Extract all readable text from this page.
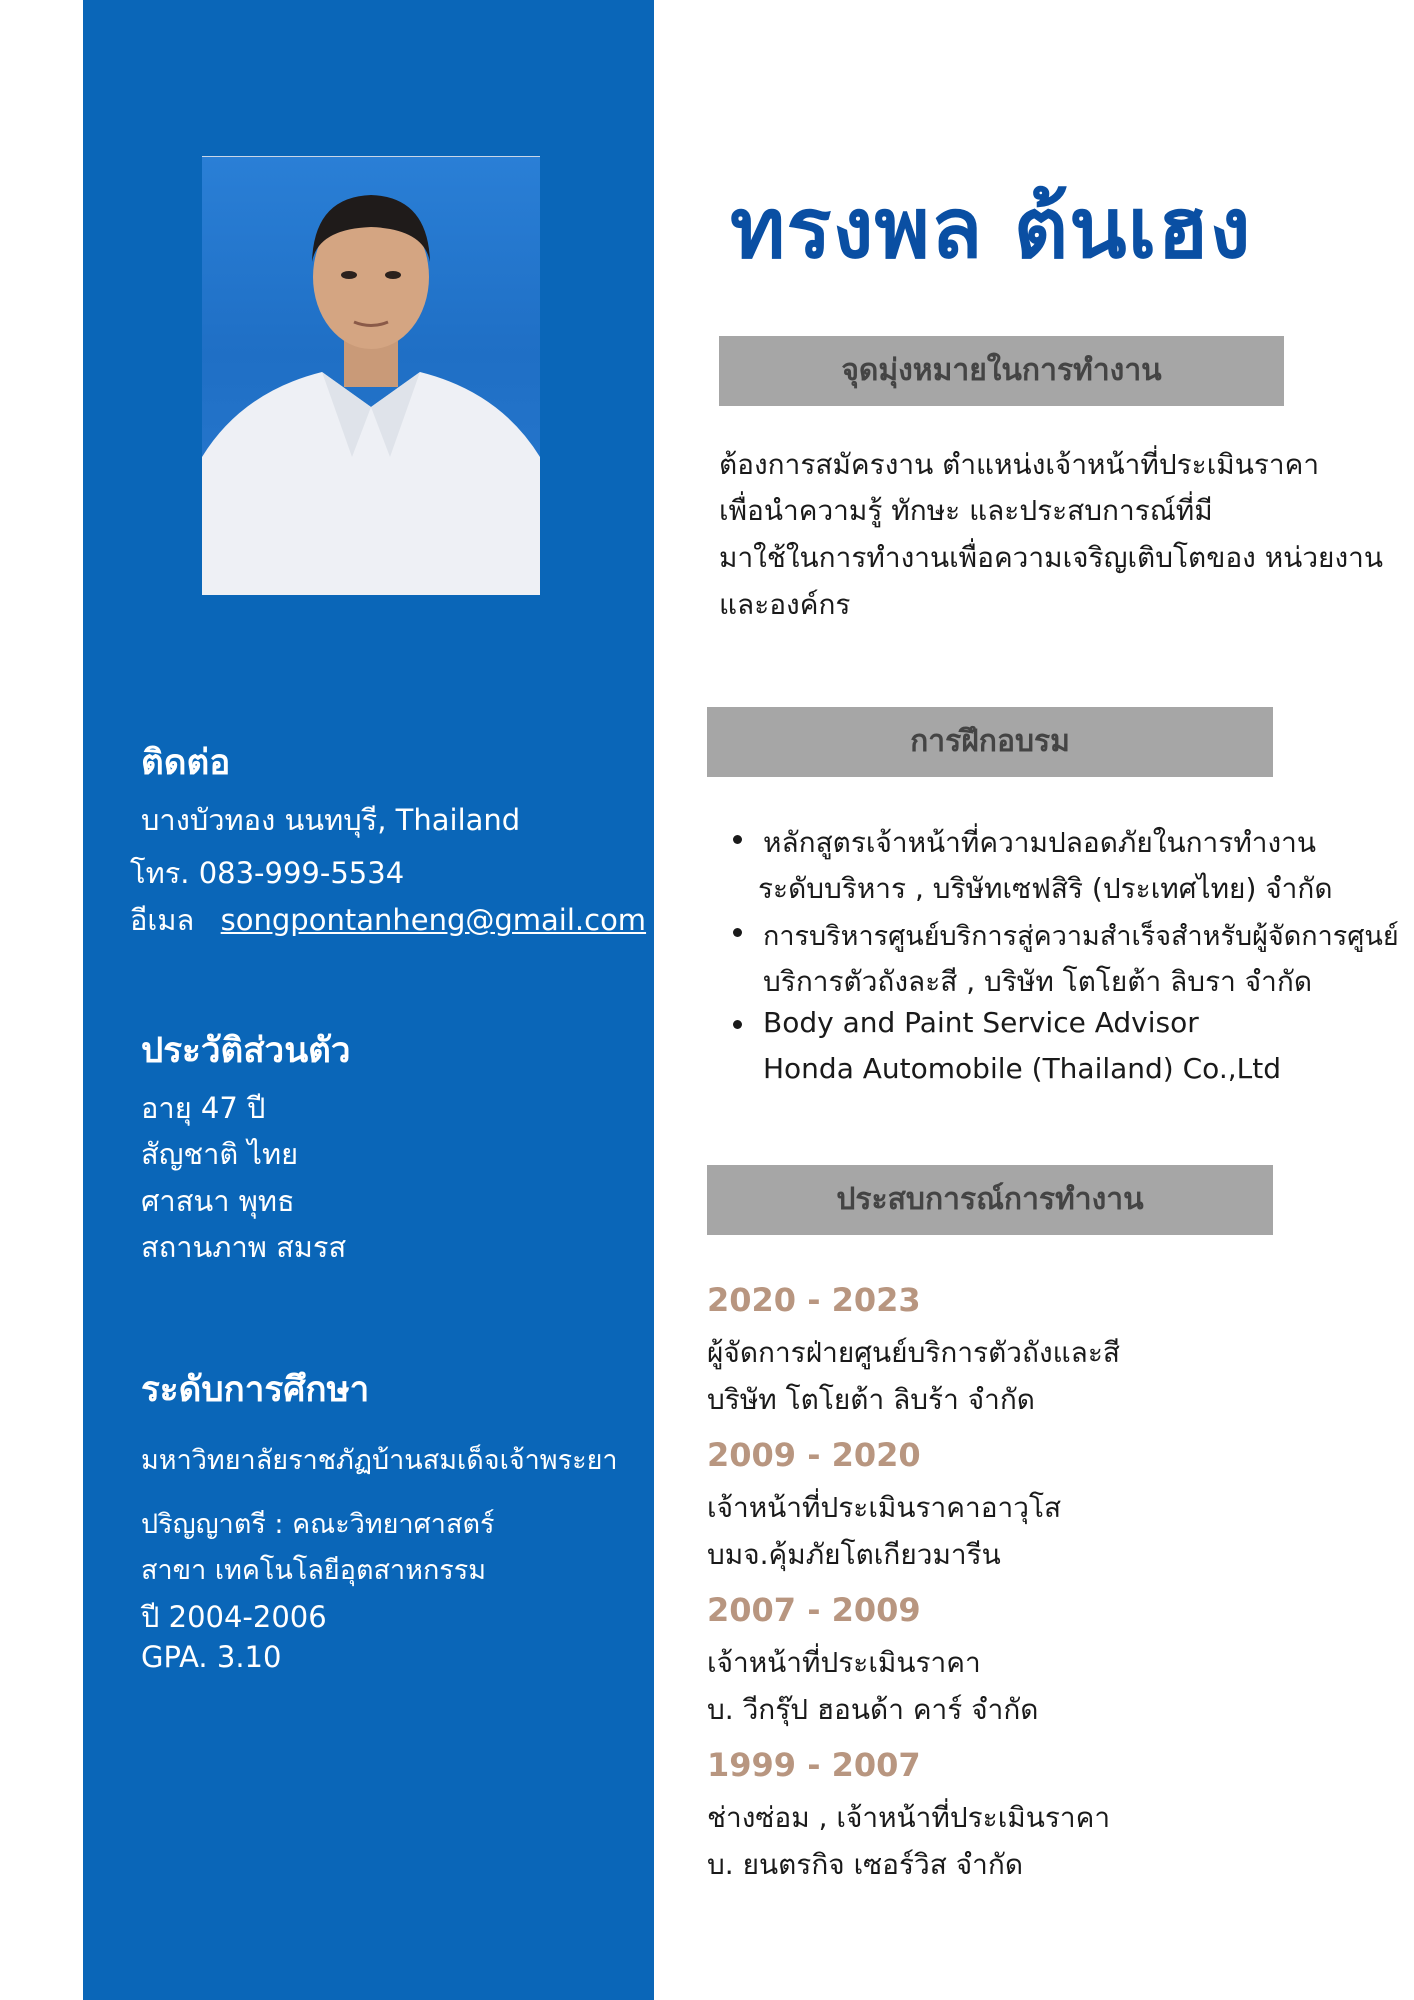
ติดต่อ

บางบัวทอง นนทบุรี, Thailand

โทร. 083-999-5534

อีเมล songpontanheng@gmail.com

ประวัติส่วนตัว

อายุ 47 ปี

สัญชาติ ไทย

ศาสนา พุทธ

สถานภาพ สมรส

ระดับการศึกษา

มหาวิทยาลัยราชภัฏบ้านสมเด็จเจ้าพระยา

ปริญญาตรี : คณะวิทยาศาสตร์

สาขา เทคโนโลยีอุตสาหกรรม

ปี 2004-2006

GPA. 3.10

ทรงพล ต้นเฮง
จุดมุ่งหมายในการทำงาน

ต้องการสมัครงาน ตำแหน่งเจ้าหน้าที่ประเมินราคา

เพื่อนำความรู้ ทักษะ และประสบการณ์ที่มี

มาใช้ในการทำงานเพื่อความเจริญเติบโตของ หน่วยงาน

และองค์กร

การฝึกอบรม

หลักสูตรเจ้าหน้าที่ความปลอดภัยในการทำงาน

ระดับบริหาร , บริษัทเซฟสิริ (ประเทศไทย) จำกัด

การบริหารศูนย์บริการสู่ความสำเร็จสำหรับผู้จัดการศูนย์

บริการตัวถังละสี , บริษัท โตโยต้า ลิบรา จำกัด

Body and Paint Service Advisor

Honda Automobile (Thailand) Co.,Ltd

ประสบการณ์การทำงาน

2020 - 2023

ผู้จัดการฝ่ายศูนย์บริการตัวถังและสี

บริษัท โตโยต้า ลิบร้า จำกัด

2009 - 2020

เจ้าหน้าที่ประเมินราคาอาวุโส

บมจ.คุ้มภัยโตเกียวมารีน

2007 - 2009

เจ้าหน้าที่ประเมินราคา

บ. วีกรุ๊ป ฮอนด้า คาร์ จำกัด

1999 - 2007

ช่างซ่อม , เจ้าหน้าที่ประเมินราคา

บ. ยนตรกิจ เซอร์วิส จำกัด
